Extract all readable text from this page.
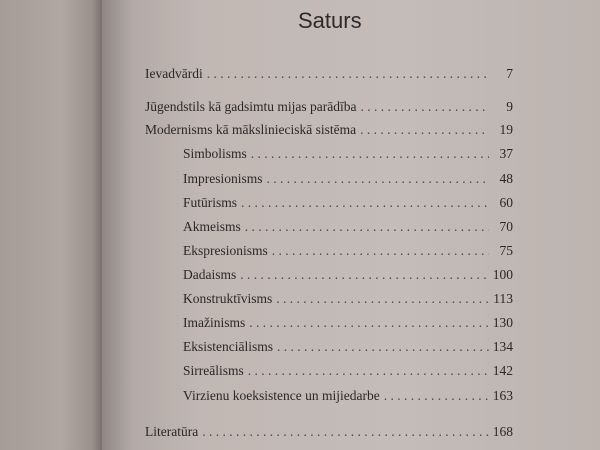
Saturs
Ievadvārdi . . .	7
Jūgendstils kā gadsimtu mijas parādība . . .	9
Modernisms kā mākslinieciskā sistēma . . .	19
Simbolisms . . .	37
Impresionisms . . .	48
Futūrisms . . .	60
Akmeisms . . .	70
Ekspresionisms . . .	75
Dadaisms . . .	100
Konstruktīvisms . . .	113
Imažinisms . . .	130
Eksistenciālisms . . .	134
Sirreālisms . . .	142
Virzienu koeksistence un mijiedarbe . . .	163
Literatūra . . .	168
